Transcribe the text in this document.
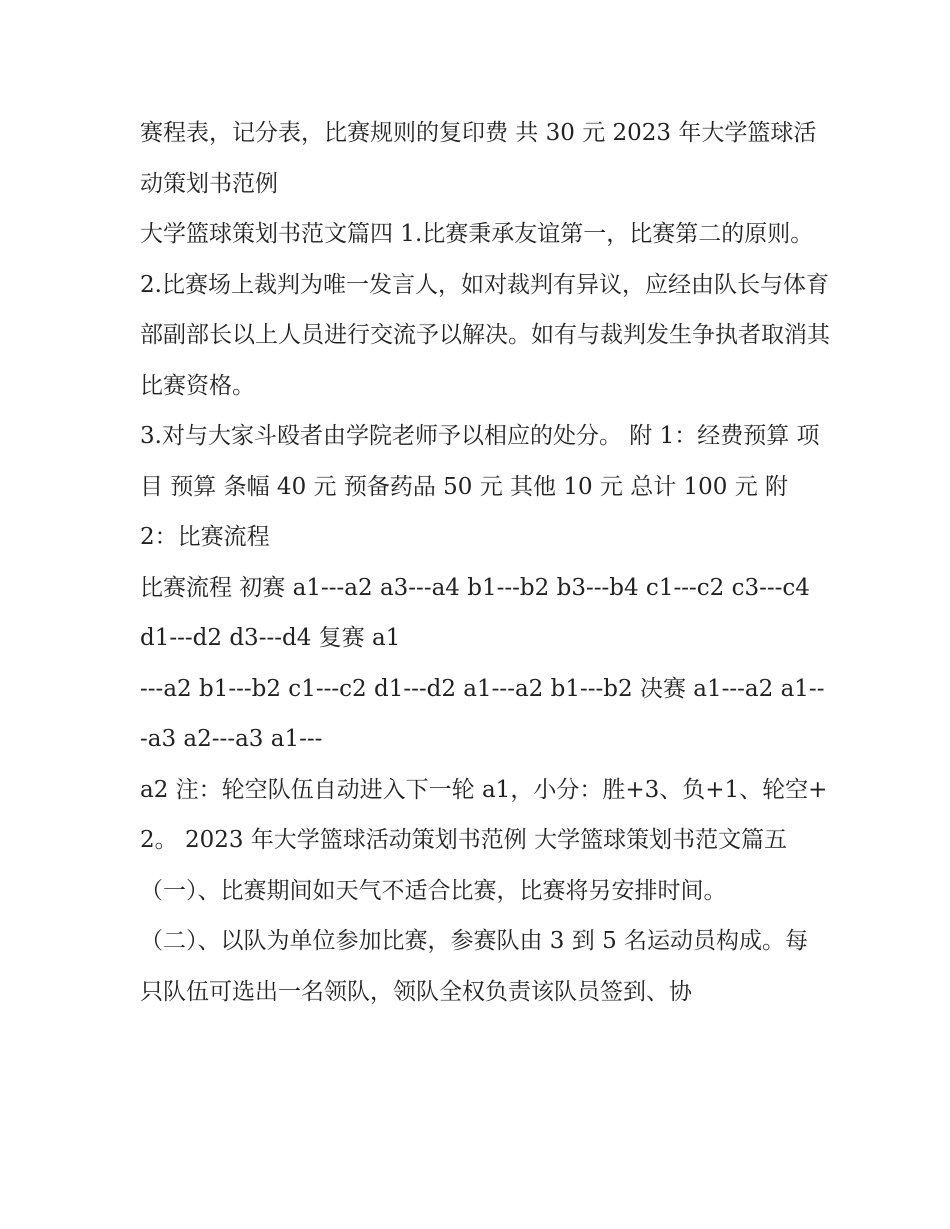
赛程表，记分表，比赛规则的复印费 共 30 元 2023 年大学篮球活动策划书范例

大学篮球策划书范文篇四 1.比赛秉承友谊第一，比赛第二的原则。

2.比赛场上裁判为唯一发言人，如对裁判有异议，应经由队长与体育部副部长以上人员进行交流予以解决。如有与裁判发生争执者取消其比赛资格。

3.对与大家斗殴者由学院老师予以相应的处分。 附 1：经费预算 项目 预算 条幅 40 元 预备药品 50 元 其他 10 元 总计 100 元 附 2：比赛流程

比赛流程 初赛 a1---a2 a3---a4 b1---b2 b3---b4 c1---c2 c3---c4 d1---d2 d3---d4 复赛 a1

---a2 b1---b2 c1---c2 d1---d2 a1---a2 b1---b2 决赛 a1---a2 a1---a3 a2---a3 a1---

a2 注：轮空队伍自动进入下一轮 a1，小分：胜+3、负+1、轮空+2。 2023 年大学篮球活动策划书范例 大学篮球策划书范文篇五

（一）、比赛期间如天气不适合比赛，比赛将另安排时间。

（二）、以队为单位参加比赛，参赛队由 3 到 5 名运动员构成。每只队伍可选出一名领队，领队全权负责该队员签到、协
